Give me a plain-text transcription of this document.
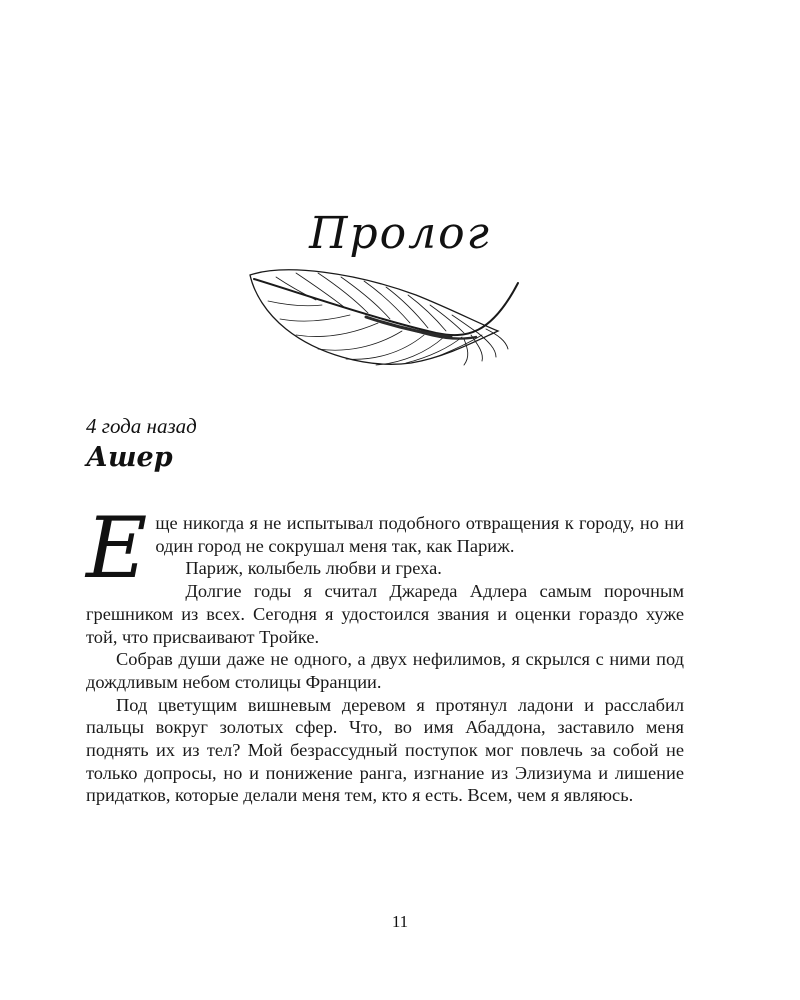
Пролог
4 года назад
Ашер

Еще никогда я не испытывал подобного отвращения к городу, но ни один город не сокрушал меня так, как Париж.

Париж, колыбель любви и греха.

Долгие годы я считал Джареда Адлера самым порочным грешником из всех. Сегодня я удостоился звания и оценки гораздо хуже той, что присваивают Тройке.

Собрав души даже не одного, а двух нефилимов, я скрылся с ними под дождливым небом столицы Франции.

Под цветущим вишневым деревом я протянул ладони и расслабил пальцы вокруг золотых сфер. Что, во имя Абаддона, заставило меня поднять их из тел? Мой безрассудный поступок мог повлечь за собой не только допросы, но и понижение ранга, изгнание из Элизиума и лишение придатков, которые делали меня тем, кто я есть. Всем, чем я являюсь.

11
